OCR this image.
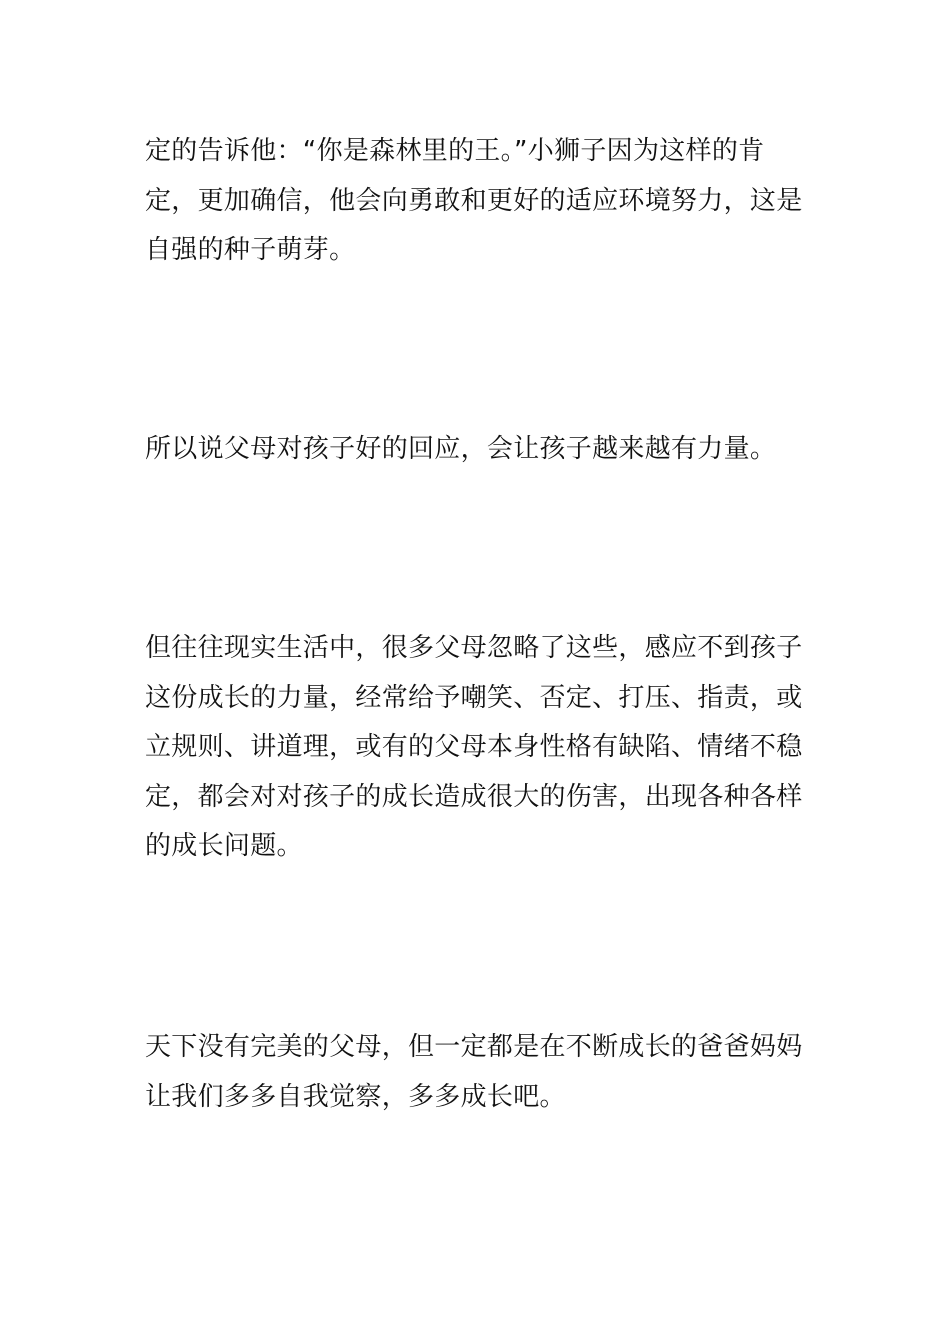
定的告诉他：“你是森林里的王。”小狮子因为这样的肯
定，更加确信，他会向勇敢和更好的适应环境努力，这是
自强的种子萌芽。

所以说父母对孩子好的回应，会让孩子越来越有力量。

但往往现实生活中，很多父母忽略了这些，感应不到孩子
这份成长的力量，经常给予嘲笑、否定、打压、指责，或
立规则、讲道理，或有的父母本身性格有缺陷、情绪不稳
定，都会对对孩子的成长造成很大的伤害，出现各种各样
的成长问题。

天下没有完美的父母，但一定都是在不断成长的爸爸妈妈
让我们多多自我觉察，多多成长吧。
